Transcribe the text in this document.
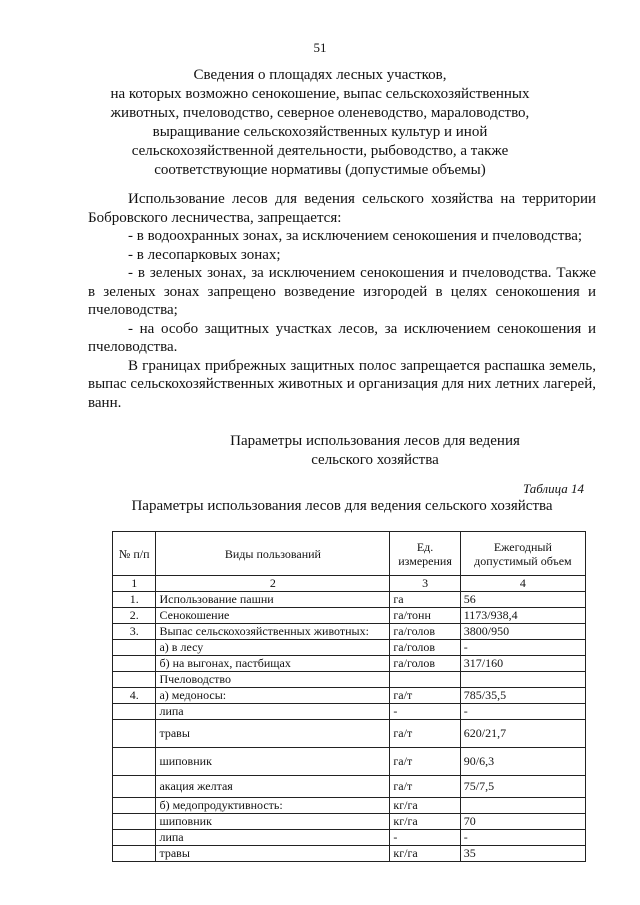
51
Сведения о площадях лесных участков,
на которых возможно сенокошение, выпас сельскохозяйственных
животных, пчеловодство, северное оленеводство, мараловодство,
выращивание сельскохозяйственных культур и иной
сельскохозяйственной деятельности, рыбоводство, а также
соответствующие нормативы (допустимые объемы)

Использование лесов для ведения сельского хозяйства на территории Бобровского лесничества, запрещается:

- в водоохранных зонах, за исключением сенокошения и пчеловодства;

- в лесопарковых зонах;

- в зеленых зонах, за исключением сенокошения и пчеловодства. Также в зеленых зонах запрещено возведение изгородей в целях сенокошения и пчеловодства;

- на особо защитных участках лесов, за исключением сенокошения и пчеловодства.

В границах прибрежных защитных полос запрещается распашка земель, выпас сельскохозяйственных животных и организация для них летних лагерей, ванн.

Параметры использования лесов для ведения
сельского хозяйства
Таблица 14
Параметры использования лесов для ведения сельского хозяйства
№ п/п	Виды пользований	Ед. измерения	Ежегодный допустимый объем
1	2	3	4
1.	Использование пашни	га	56
2.	Сенокошение	га/тонн	1173/938,4
3.	Выпас сельскохозяйственных животных:	га/голов	3800/950
	а) в лесу	га/голов	-
	б) на выгонах, пастбищах	га/голов	317/160
	Пчеловодство		
4.	а) медоносы:	га/т	785/35,5
	липа	-	-
	травы	га/т	620/21,7
	шиповник	га/т	90/6,3
	акация желтая	га/т	75/7,5
	б) медопродуктивность:	кг/га	
	шиповник	кг/га	70
	липа	-	-
	травы	кг/га	35
